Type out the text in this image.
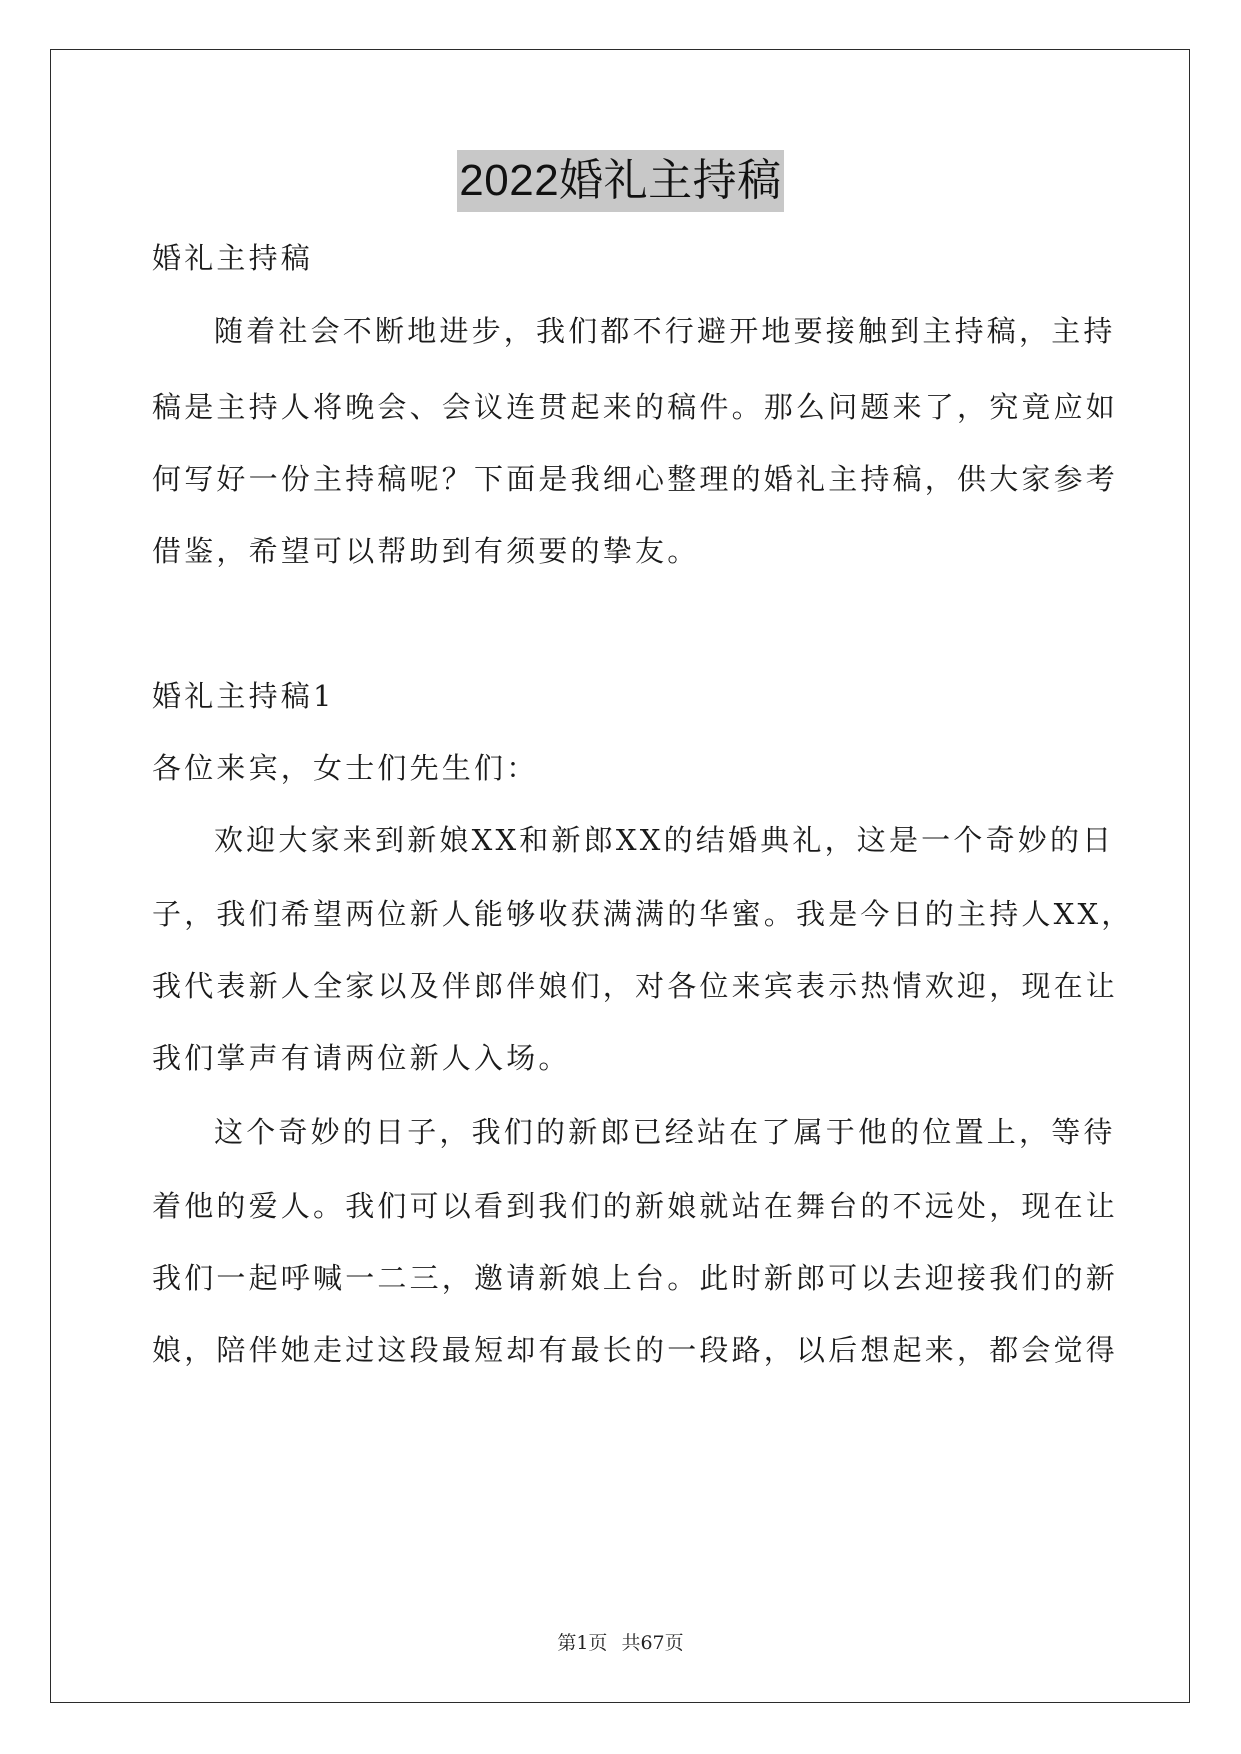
2022婚礼主持稿
婚礼主持稿
随着社会不断地进步，我们都不行避开地要接触到主持稿，主持
稿是主持人将晚会、会议连贯起来的稿件。那么问题来了，究竟应如
何写好一份主持稿呢？下面是我细心整理的婚礼主持稿，供大家参考
借鉴，希望可以帮助到有须要的挚友。
婚礼主持稿1
各位来宾，女士们先生们：
欢迎大家来到新娘XX和新郎XX的结婚典礼，这是一个奇妙的日
子，我们希望两位新人能够收获满满的华蜜。我是今日的主持人XX，
我代表新人全家以及伴郎伴娘们，对各位来宾表示热情欢迎，现在让
我们掌声有请两位新人入场。
这个奇妙的日子，我们的新郎已经站在了属于他的位置上，等待
着他的爱人。我们可以看到我们的新娘就站在舞台的不远处，现在让
我们一起呼喊一二三，邀请新娘上台。此时新郎可以去迎接我们的新
娘，陪伴她走过这段最短却有最长的一段路，以后想起来，都会觉得
第1页 共67页
